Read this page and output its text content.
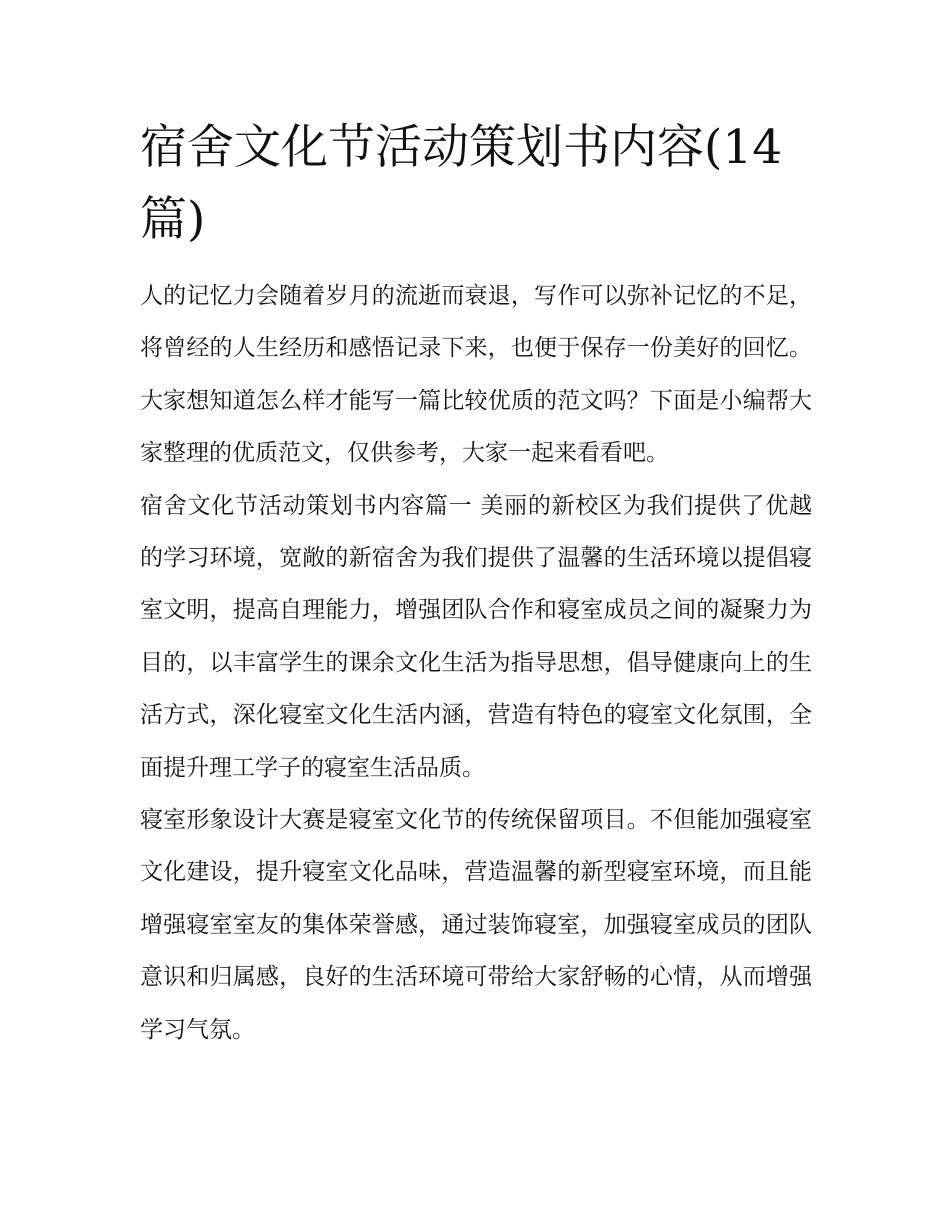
宿舍文化节活动策划书内容(14篇)

人的记忆力会随着岁月的流逝而衰退，写作可以弥补记忆的不足，将曾经的人生经历和感悟记录下来，也便于保存一份美好的回忆。大家想知道怎么样才能写一篇比较优质的范文吗？下面是小编帮大家整理的优质范文，仅供参考，大家一起来看看吧。

宿舍文化节活动策划书内容篇一 美丽的新校区为我们提供了优越的学习环境，宽敞的新宿舍为我们提供了温馨的生活环境以提倡寝室文明，提高自理能力，增强团队合作和寝室成员之间的凝聚力为目的，以丰富学生的课余文化生活为指导思想，倡导健康向上的生活方式，深化寝室文化生活内涵，营造有特色的寝室文化氛围，全面提升理工学子的寝室生活品质。

寝室形象设计大赛是寝室文化节的传统保留项目。不但能加强寝室文化建设，提升寝室文化品味，营造温馨的新型寝室环境，而且能增强寝室室友的集体荣誉感，通过装饰寝室，加强寝室成员的团队意识和归属感，良好的生活环境可带给大家舒畅的心情，从而增强学习气氛。
